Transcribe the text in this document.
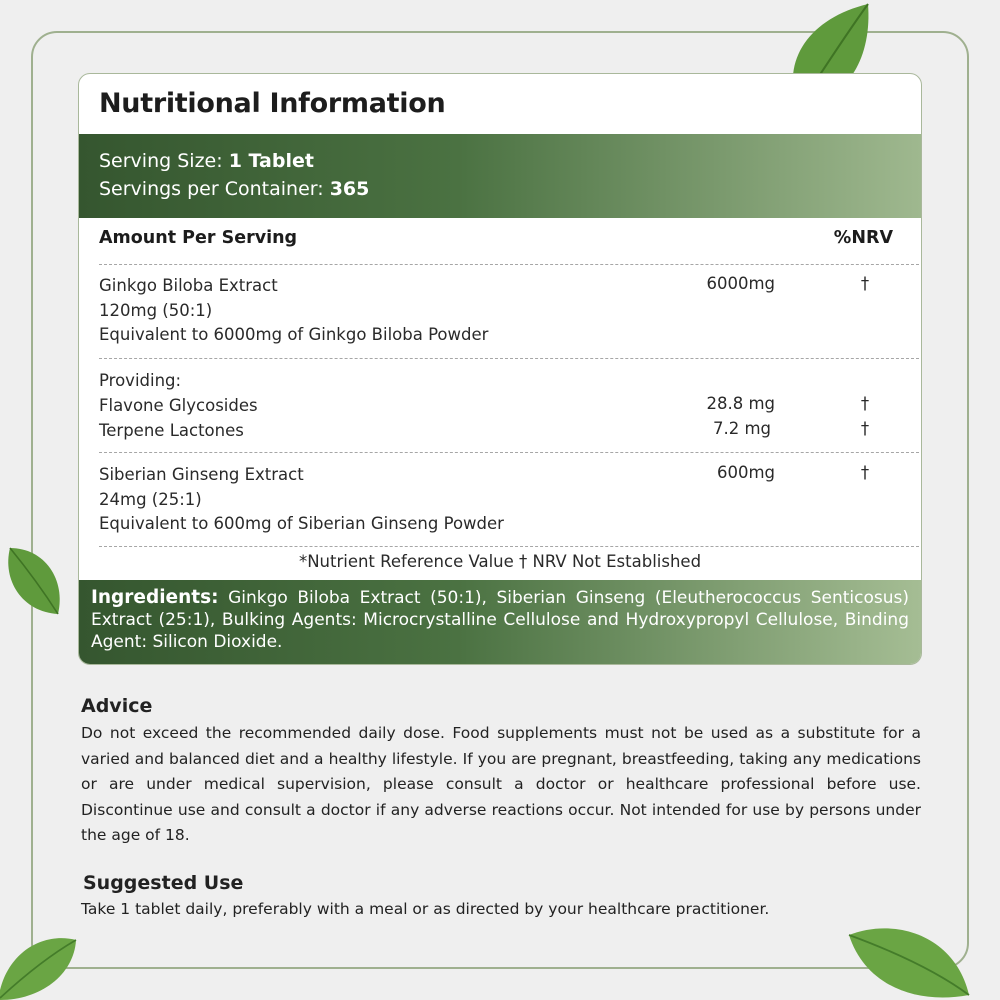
Nutritional Information
Serving Size: 1 Tablet
Servings per Container: 365
Amount Per Serving	%NRV
Ginkgo Biloba Extract
120mg (50:1)
Equivalent to 6000mg of Ginkgo Biloba Powder
6000mg	†
Providing:
Flavone Glycosides	28.8 mg	†
Terpene Lactones	7.2 mg	†
Siberian Ginseng Extract
24mg (25:1)
Equivalent to 600mg of Siberian Ginseng Powder
600mg	†
*Nutrient Reference Value † NRV Not Established
Ingredients: Ginkgo Biloba Extract (50:1), Siberian Ginseng (Eleutherococcus Senticosus) Extract (25:1), Bulking Agents: Microcrystalline Cellulose and Hydroxypropyl Cellulose, Binding Agent: Silicon Dioxide.
Advice
Do not exceed the recommended daily dose. Food supplements must not be used as a substitute for a varied and balanced diet and a healthy lifestyle. If you are pregnant, breastfeeding, taking any medications or are under medical supervision, please consult a doctor or healthcare professional before use. Discontinue use and consult a doctor if any adverse reactions occur. Not intended for use by persons under the age of 18.
Suggested Use
Take 1 tablet daily, preferably with a meal or as directed by your healthcare practitioner.
